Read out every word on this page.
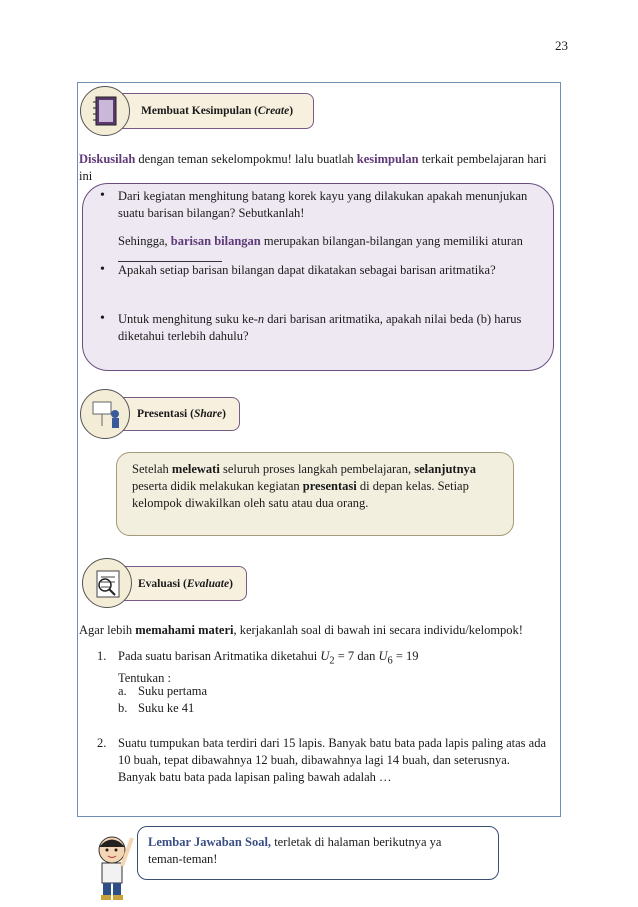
23
Membuat Kesimpulan ( Create )
Diskusilah dengan teman sekelompokmu! lalu buatlah kesimpulan terkait pembelajaran hari
ini
• Dari kegiatan menghitung batang korek kayu yang dilakukan apakah menunjukan
suatu barisan bilangan? Sebutkanlah!
Sehingga, barisan bilangan merupakan bilangan-bilangan yang memiliki aturan

• Apakah setiap barisan bilangan dapat dikatakan sebagai barisan aritmatika?
• Untuk menghitung suku ke-n dari barisan aritmatika, apakah nilai beda (b) harus
diketahui terlebih dahulu?
Presentasi ( Share )
Setelah melewati seluruh proses langkah pembelajaran, selanjutnya
peserta didik melakukan kegiatan presentasi di depan kelas. Setiap
kelompok diwakilkan oleh satu atau dua orang.
Evaluasi ( Evaluate )
Agar lebih memahami materi, kerjakanlah soal di bawah ini secara individu/kelompok!
1. Pada suatu barisan Aritmatika diketahui $U_2 = 7$ dan $U_6 = 19$
Tentukan :
a. Suku pertama
b. Suku ke 41
2. Suatu tumpukan bata terdiri dari 15 lapis. Banyak batu bata pada lapis paling atas ada
10 buah, tepat dibawahnya 12 buah, dibawahnya lagi 14 buah, dan seterusnya.
Banyak batu bata pada lapisan paling bawah adalah …
Lembar Jawaban Soal, terletak di halaman berikutnya ya
teman-teman!
